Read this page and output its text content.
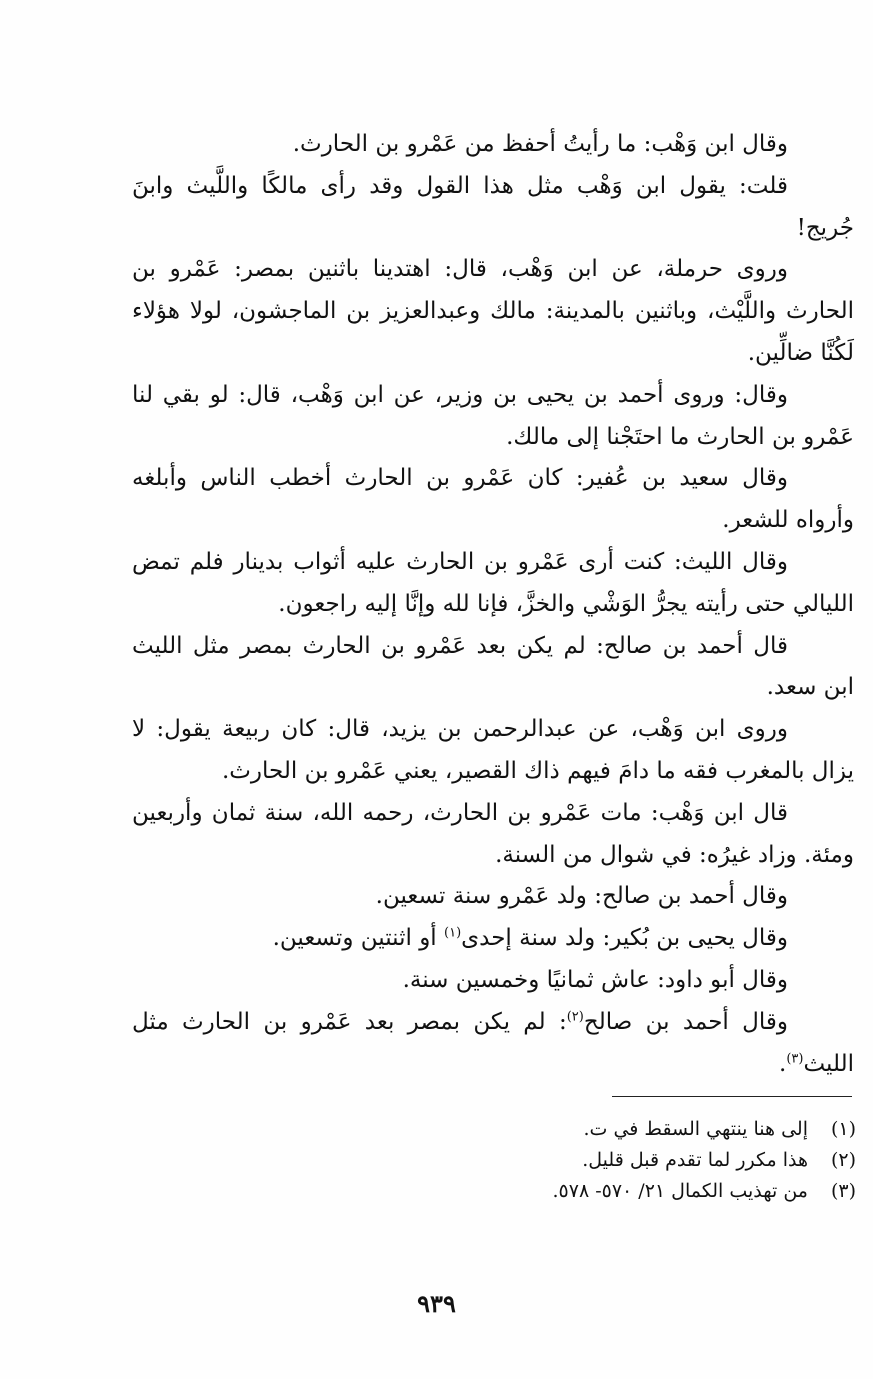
وقال ابن وَهْب: ما رأيتُ أحفظ من عَمْرو بن الحارث.

قلت: يقول ابن وَهْب مثل هذا القول وقد رأى مالكًا واللَّيث وابنَ جُريج!

وروى حرملة، عن ابن وَهْب، قال: اهتدينا باثنين بمصر: عَمْرو بن الحارث واللَّيْث، وباثنين بالمدينة: مالك وعبدالعزيز بن الماجشون، لولا هؤلاء لَكُنَّا ضالِّين.

وقال: وروى أحمد بن يحيى بن وزير، عن ابن وَهْب، قال: لو بقي لنا عَمْرو بن الحارث ما احتَجْنا إلى مالك.

وقال سعيد بن عُفير: كان عَمْرو بن الحارث أخطب الناس وأبلغه وأرواه للشعر.

وقال الليث: كنت أرى عَمْرو بن الحارث عليه أثواب بدينار فلم تمض الليالي حتى رأيته يجرُّ الوَشْي والخزَّ، فإنا لله وإنَّا إليه راجعون.

قال أحمد بن صالح: لم يكن بعد عَمْرو بن الحارث بمصر مثل الليث ابن سعد.

وروى ابن وَهْب، عن عبدالرحمن بن يزيد، قال: كان ربيعة يقول: لا يزال بالمغرب فقه ما دامَ فيهم ذاك القصير، يعني عَمْرو بن الحارث.

قال ابن وَهْب: مات عَمْرو بن الحارث، رحمه الله، سنة ثمان وأربعين ومئة. وزاد غيرُه: في شوال من السنة.

وقال أحمد بن صالح: ولد عَمْرو سنة تسعين.

وقال يحيى بن بُكير: ولد سنة إحدى$^{(١)}$ أو اثنتين وتسعين.

وقال أبو داود: عاش ثمانيًا وخمسين سنة.

وقال أحمد بن صالح$^{(٢)}$: لم يكن بمصر بعد عَمْرو بن الحارث مثل الليث$^{(٣)}$.

(١)
إلى هنا ينتهي السقط في ت.

(٢)
هذا مكرر لما تقدم قبل قليل.

(٣)
من تهذيب الكمال ٢١/ ٥٧٠- ٥٧٨.

٩٣٩
